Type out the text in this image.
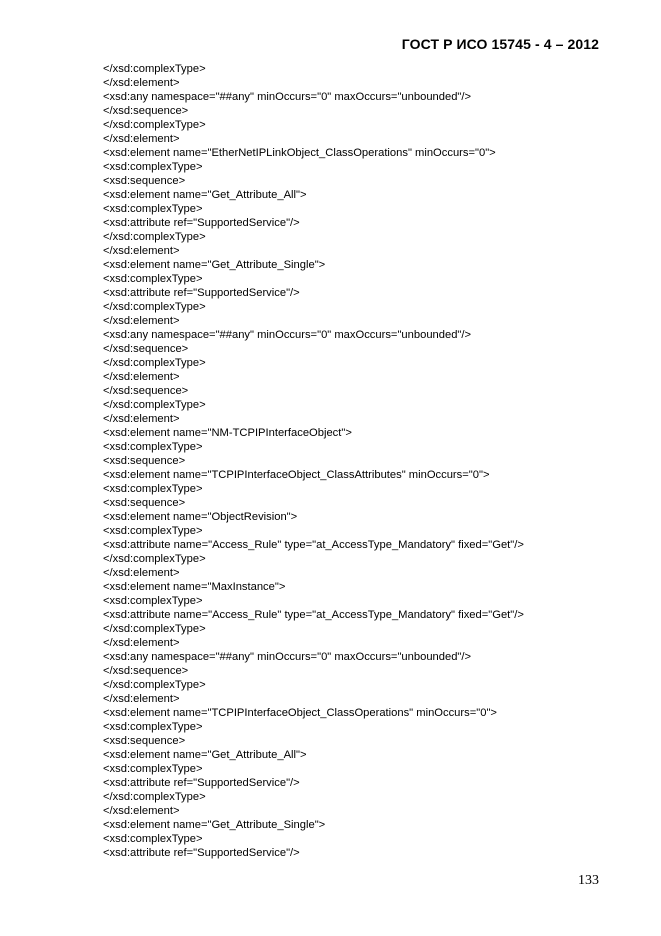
ГОСТ Р ИСО 15745 - 4 – 2012
</xsd:complexType>
</xsd:element>
<xsd:any namespace="##any" minOccurs="0" maxOccurs="unbounded"/>
</xsd:sequence>
</xsd:complexType>
</xsd:element>
<xsd:element name="EtherNetIPLinkObject_ClassOperations" minOccurs="0">
<xsd:complexType>
<xsd:sequence>
<xsd:element name="Get_Attribute_All">
<xsd:complexType>
<xsd:attribute ref="SupportedService"/>
</xsd:complexType>
</xsd:element>
<xsd:element name="Get_Attribute_Single">
<xsd:complexType>
<xsd:attribute ref="SupportedService"/>
</xsd:complexType>
</xsd:element>
<xsd:any namespace="##any" minOccurs="0" maxOccurs="unbounded"/>
</xsd:sequence>
</xsd:complexType>
</xsd:element>
</xsd:sequence>
</xsd:complexType>
</xsd:element>
<xsd:element name="NM-TCPIPInterfaceObject">
<xsd:complexType>
<xsd:sequence>
<xsd:element name="TCPIPInterfaceObject_ClassAttributes" minOccurs="0">
<xsd:complexType>
<xsd:sequence>
<xsd:element name="ObjectRevision">
<xsd:complexType>
<xsd:attribute name="Access_Rule" type="at_AccessType_Mandatory" fixed="Get"/>
</xsd:complexType>
</xsd:element>
<xsd:element name="MaxInstance">
<xsd:complexType>
<xsd:attribute name="Access_Rule" type="at_AccessType_Mandatory" fixed="Get"/>
</xsd:complexType>
</xsd:element>
<xsd:any namespace="##any" minOccurs="0" maxOccurs="unbounded"/>
</xsd:sequence>
</xsd:complexType>
</xsd:element>
<xsd:element name="TCPIPInterfaceObject_ClassOperations" minOccurs="0">
<xsd:complexType>
<xsd:sequence>
<xsd:element name="Get_Attribute_All">
<xsd:complexType>
<xsd:attribute ref="SupportedService"/>
</xsd:complexType>
</xsd:element>
<xsd:element name="Get_Attribute_Single">
<xsd:complexType>
<xsd:attribute ref="SupportedService"/>
133
